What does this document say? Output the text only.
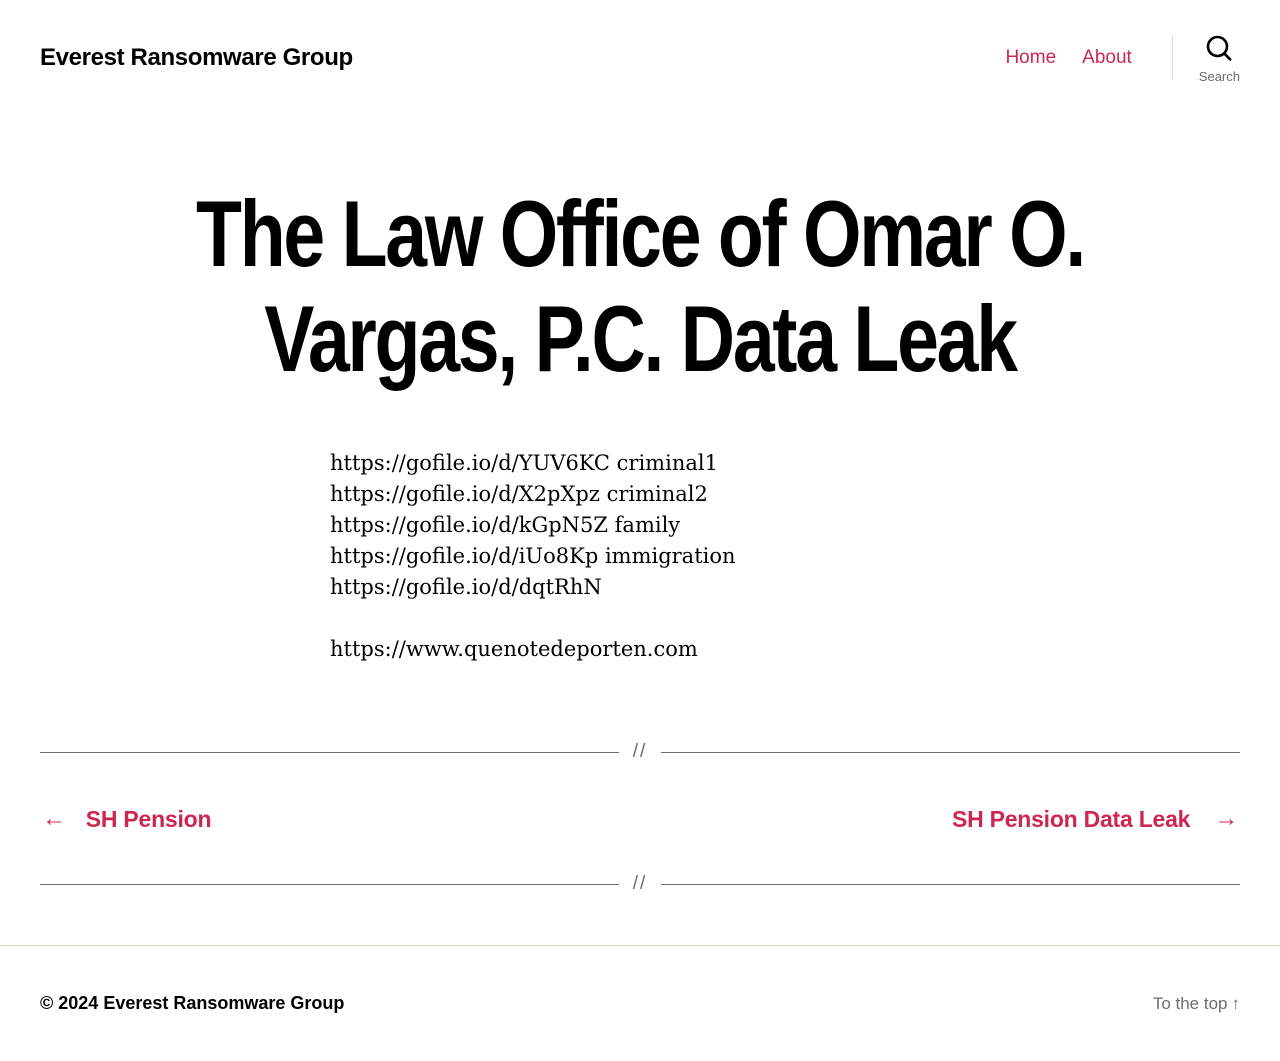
Everest Ransomware Group	Home About
Search
The Law Office of Omar O. Vargas, P.C. Data Leak

https://gofile.io/d/YUV6KC criminal1
https://gofile.io/d/X2pXpz criminal2
https://gofile.io/d/kGpN5Z family
https://gofile.io/d/iUo8Kp immigration
https://gofile.io/d/dqtRhN

https://www.quenotedeporten.com

//
← SH Pension	SH Pension Data Leak →
//
© 2024 Everest Ransomware Group	To the top ↑
